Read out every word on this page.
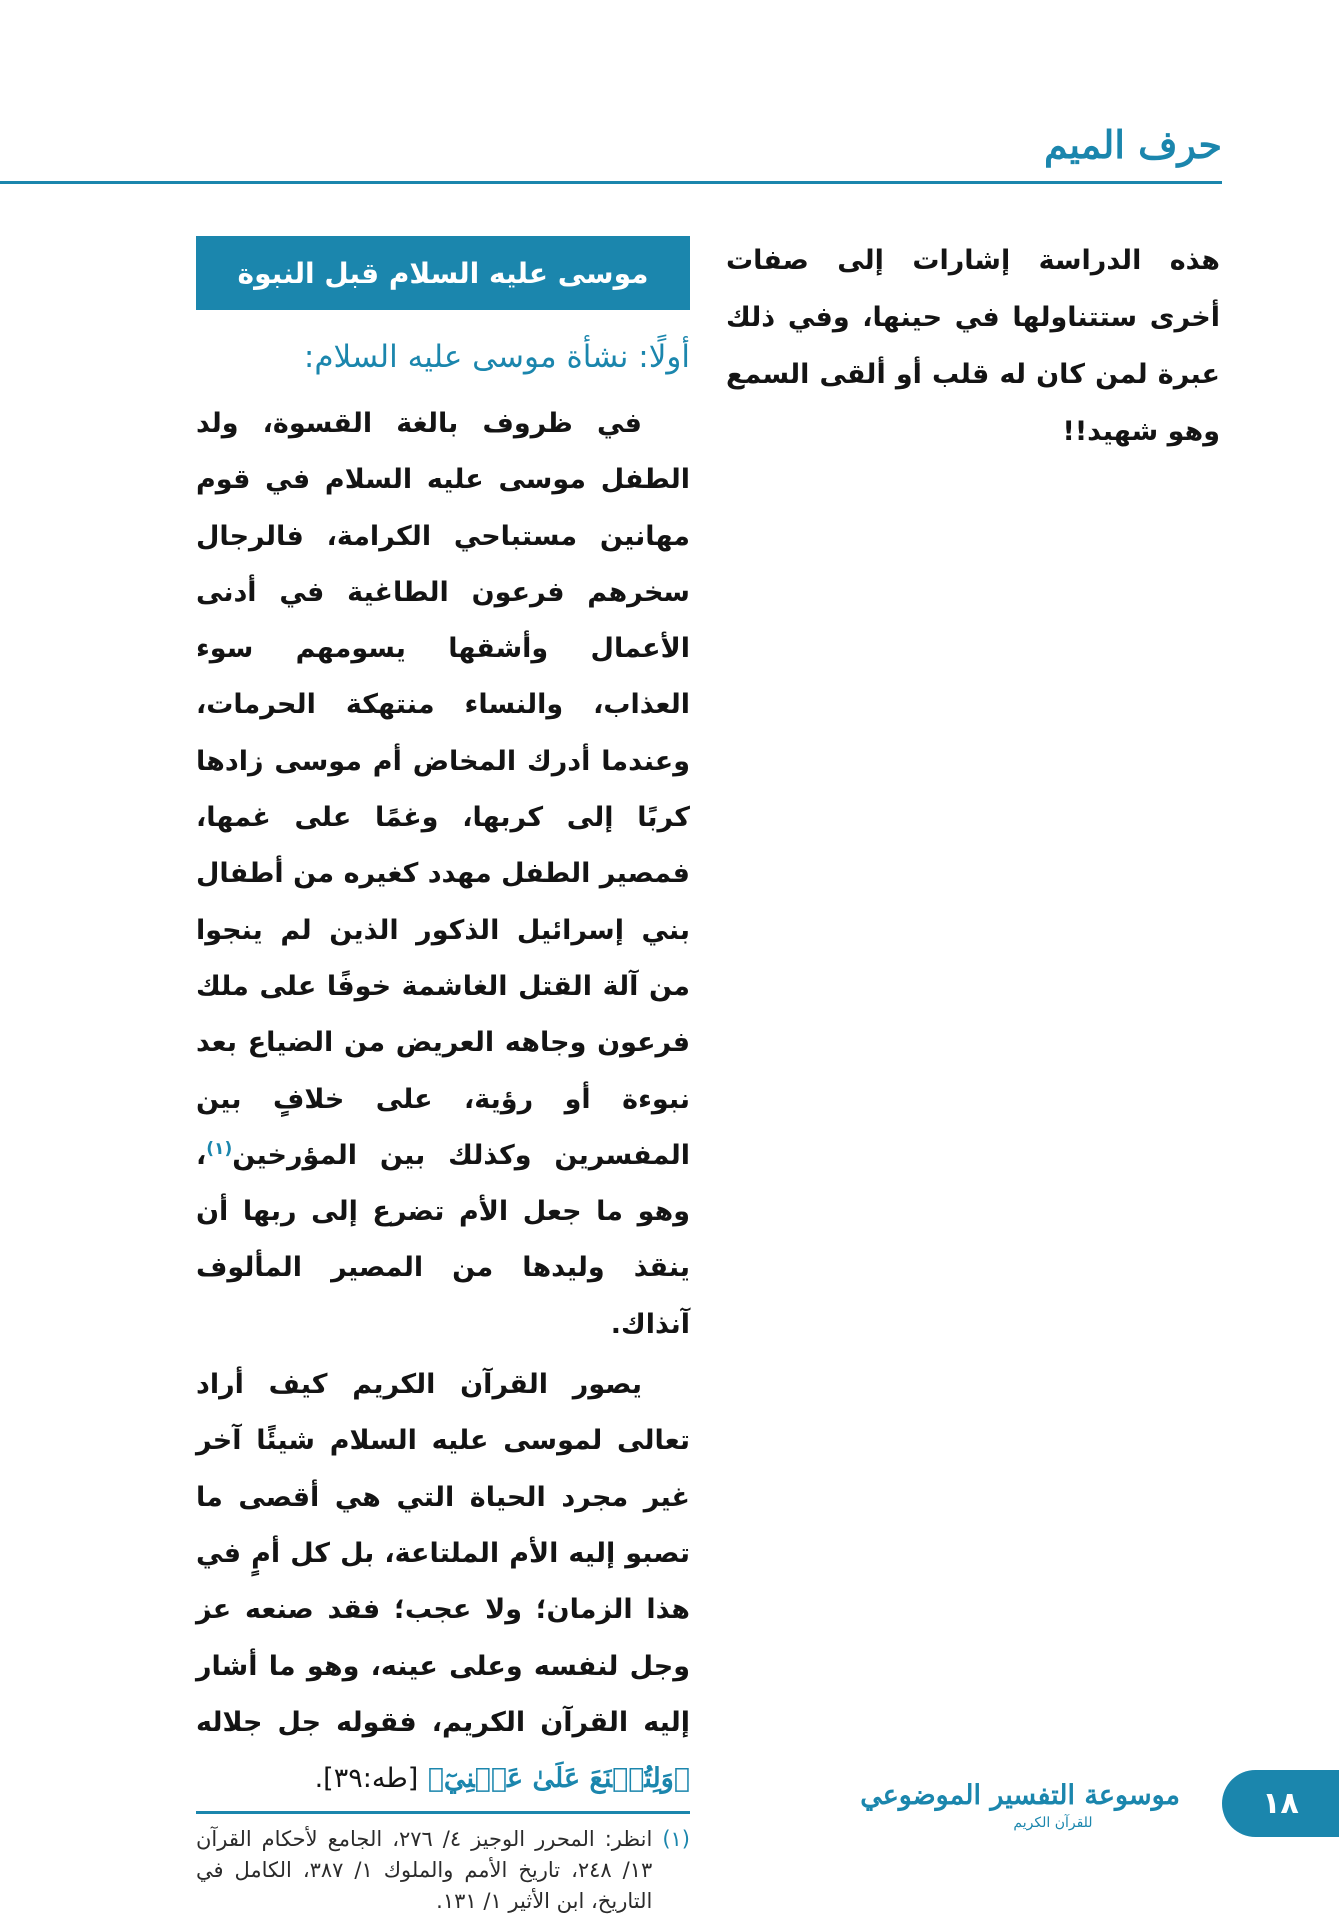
حرف الميم

هذه الدراسة إشارات إلى صفات أخرى ستتناولها في حينها، وفي ذلك عبرة لمن كان له قلب أو ألقى السمع وهو شهيد!!

موسى عليه السلام قبل النبوة
أولًا: نشأة موسى عليه السلام:

في ظروف بالغة القسوة، ولد الطفل موسى عليه السلام في قوم مهانين مستباحي الكرامة، فالرجال سخرهم فرعون الطاغية في أدنى الأعمال وأشقها يسومهم سوء العذاب، والنساء منتهكة الحرمات، وعندما أدرك المخاض أم موسى زادها كربًا إلى كربها، وغمًا على غمها، فمصير الطفل مهدد كغيره من أطفال بني إسرائيل الذكور الذين لم ينجوا من آلة القتل الغاشمة خوفًا على ملك فرعون وجاهه العريض من الضياع بعد نبوءة أو رؤية، على خلافٍ بين المفسرين وكذلك بين المؤرخين$^{(١)}$، وهو ما جعل الأم تضرع إلى ربها أن ينقذ وليدها من المصير المألوف آنذاك.

يصور القرآن الكريم كيف أراد تعالى لموسى عليه السلام شيئًا آخر غير مجرد الحياة التي هي أقصى ما تصبو إليه الأم الملتاعة، بل كل أمٍ في هذا الزمان؛ ولا عجب؛ فقد صنعه عز وجل لنفسه وعلى عينه، وهو ما أشار إليه القرآن الكريم، فقوله جل جلاله ﴿وَلِتُصۡنَعَ عَلَىٰ عَيۡنِيٓ﴾ [طه:٣٩].

(١)
انظر: المحرر الوجيز ٤/ ٢٧٦، الجامع لأحكام القرآن ١٣/ ٢٤٨، تاريخ الأمم والملوك ١/ ٣٨٧، الكامل في التاريخ، ابن الأثير ١/ ١٣١.
موسوعة التفسير الموضوعي
للقرآن الكريم
١٨
